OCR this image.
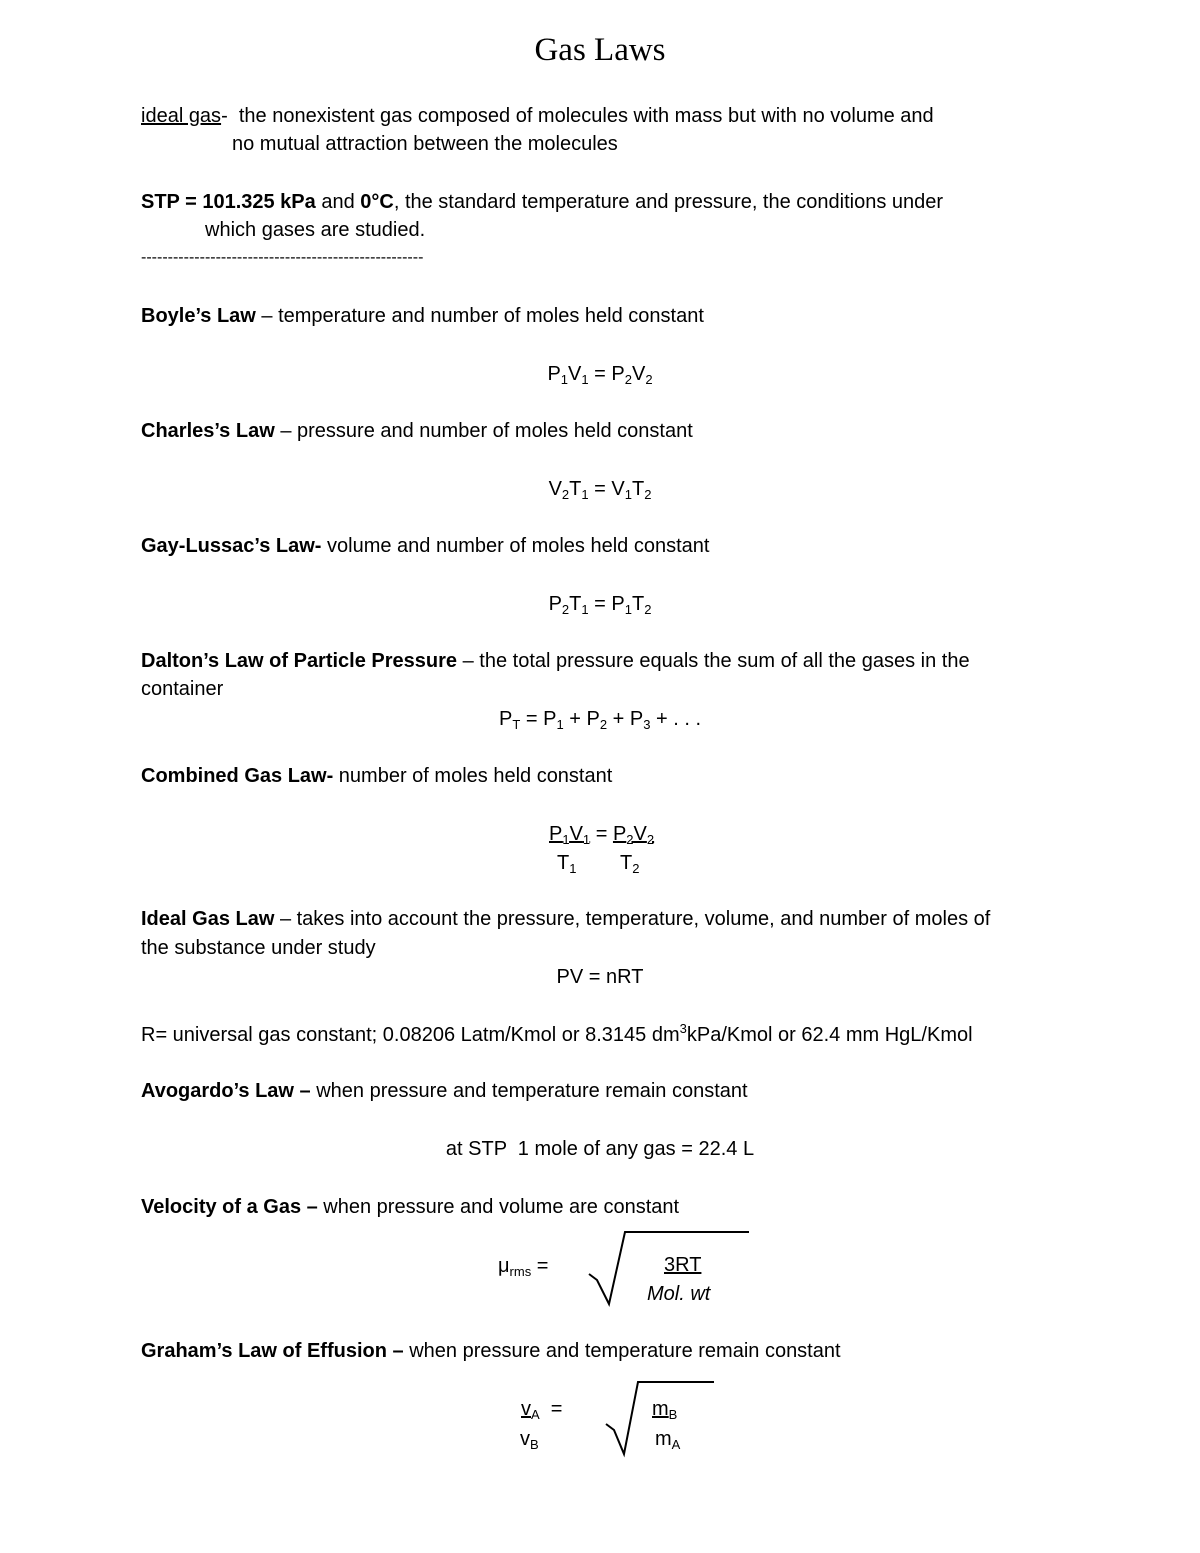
Gas Laws
ideal gas-  the nonexistent gas composed of molecules with mass but with no volume and
no mutual attraction between the molecules
STP = 101.325 kPa and 0°C, the standard temperature and pressure, the conditions under
which gases are studied.
-----------------------------------------------------
Boyle’s Law – temperature and number of moles held constant
$P_1V_1 = P_2V_2$
Charles’s Law – pressure and number of moles held constant
$V_2T_1 = V_1T_2$
Gay-Lussac’s Law- volume and number of moles held constant
$P_2T_1 = P_1T_2$
Dalton’s Law of Particle Pressure – the total pressure equals the sum of all the gases in the
container
$P_T = P_1 + P_2 + P_3$ + . . .
Combined Gas Law- number of moles held constant
$P_1V_1 = P_2V_2$
$T_1$ $T_2$
Ideal Gas Law – takes into account the pressure, temperature, volume, and number of moles of
the substance under study
PV = nRT
R= universal gas constant; 0.08206 Latm/Kmol or 8.3145 $dm^3kPa$/Kmol or 62.4 mm HgL/Kmol
Avogardo’s Law – when pressure and temperature remain constant
at STP  1 mole of any gas = 22.4 L
Velocity of a Gas – when pressure and volume are constant
$\mu_{rms}$ =	3RT
Mol. wt
Graham’s Law of Effusion – when pressure and temperature remain constant
$v_A$  =
$v_B$
$m_B$
$m_A$
